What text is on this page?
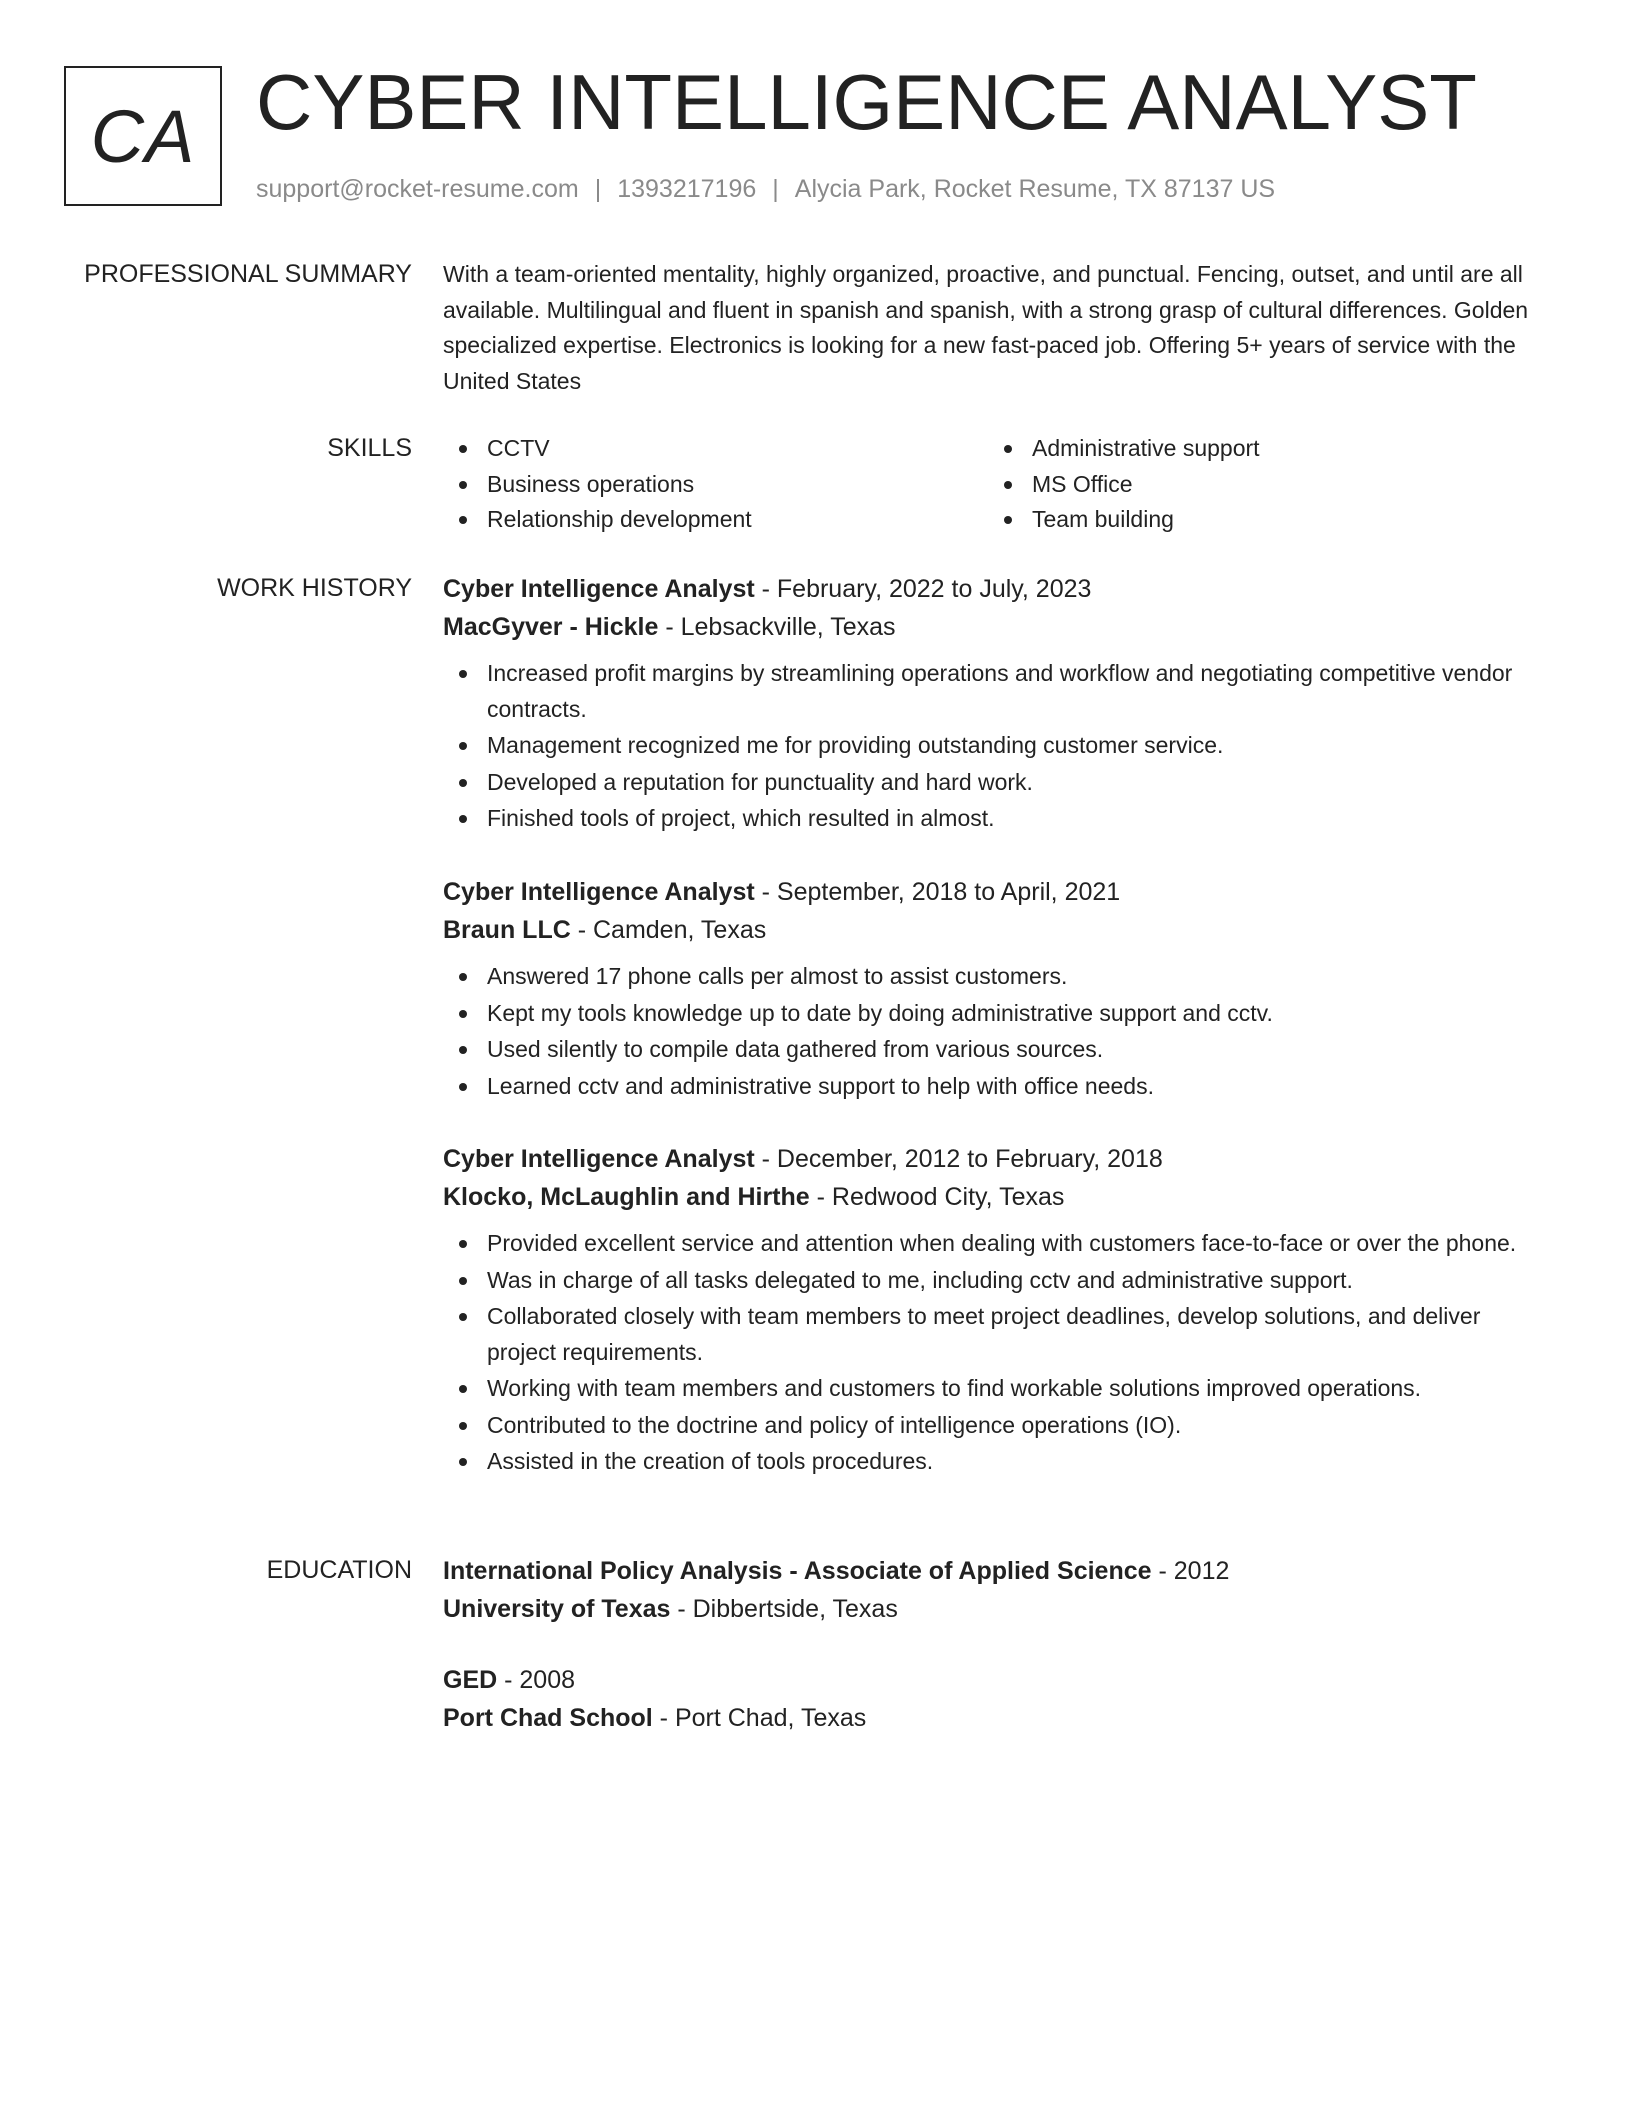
CA CYBER INTELLIGENCE ANALYST
support@rocket-resume.com | 1393217196 | Alycia Park, Rocket Resume, TX 87137 US
PROFESSIONAL SUMMARY With a team-oriented mentality, highly organized, proactive, and punctual. Fencing, outset, and until are all available. Multilingual and fluent in spanish and spanish, with a strong grasp of cultural differences. Golden specialized expertise. Electronics is looking for a new fast-paced job. Offering 5+ years of service with the United States

SKILLS	CCTV
Business operations
Relationship development
Administrative support
MS Office
Team building
WORK HISTORY Cyber Intelligence Analyst - February, 2022 to July, 2023
MacGyver - Hickle - Lebsackville, Texas
Increased profit margins by streamlining operations and workflow and negotiating competitive vendor contracts.
Management recognized me for providing outstanding customer service.
Developed a reputation for punctuality and hard work.
Finished tools of project, which resulted in almost.
Cyber Intelligence Analyst - September, 2018 to April, 2021
Braun LLC - Camden, Texas
Answered 17 phone calls per almost to assist customers.
Kept my tools knowledge up to date by doing administrative support and cctv.
Used silently to compile data gathered from various sources.
Learned cctv and administrative support to help with office needs.
Cyber Intelligence Analyst - December, 2012 to February, 2018
Klocko, McLaughlin and Hirthe - Redwood City, Texas
Provided excellent service and attention when dealing with customers face-to-face or over the phone.
Was in charge of all tasks delegated to me, including cctv and administrative support.
Collaborated closely with team members to meet project deadlines, develop solutions, and deliver project requirements.
Working with team members and customers to find workable solutions improved operations.
Contributed to the doctrine and policy of intelligence operations (IO).
Assisted in the creation of tools procedures.
EDUCATION International Policy Analysis - Associate of Applied Science - 2012
University of Texas - Dibbertside, Texas
GED - 2008
Port Chad School - Port Chad, Texas
